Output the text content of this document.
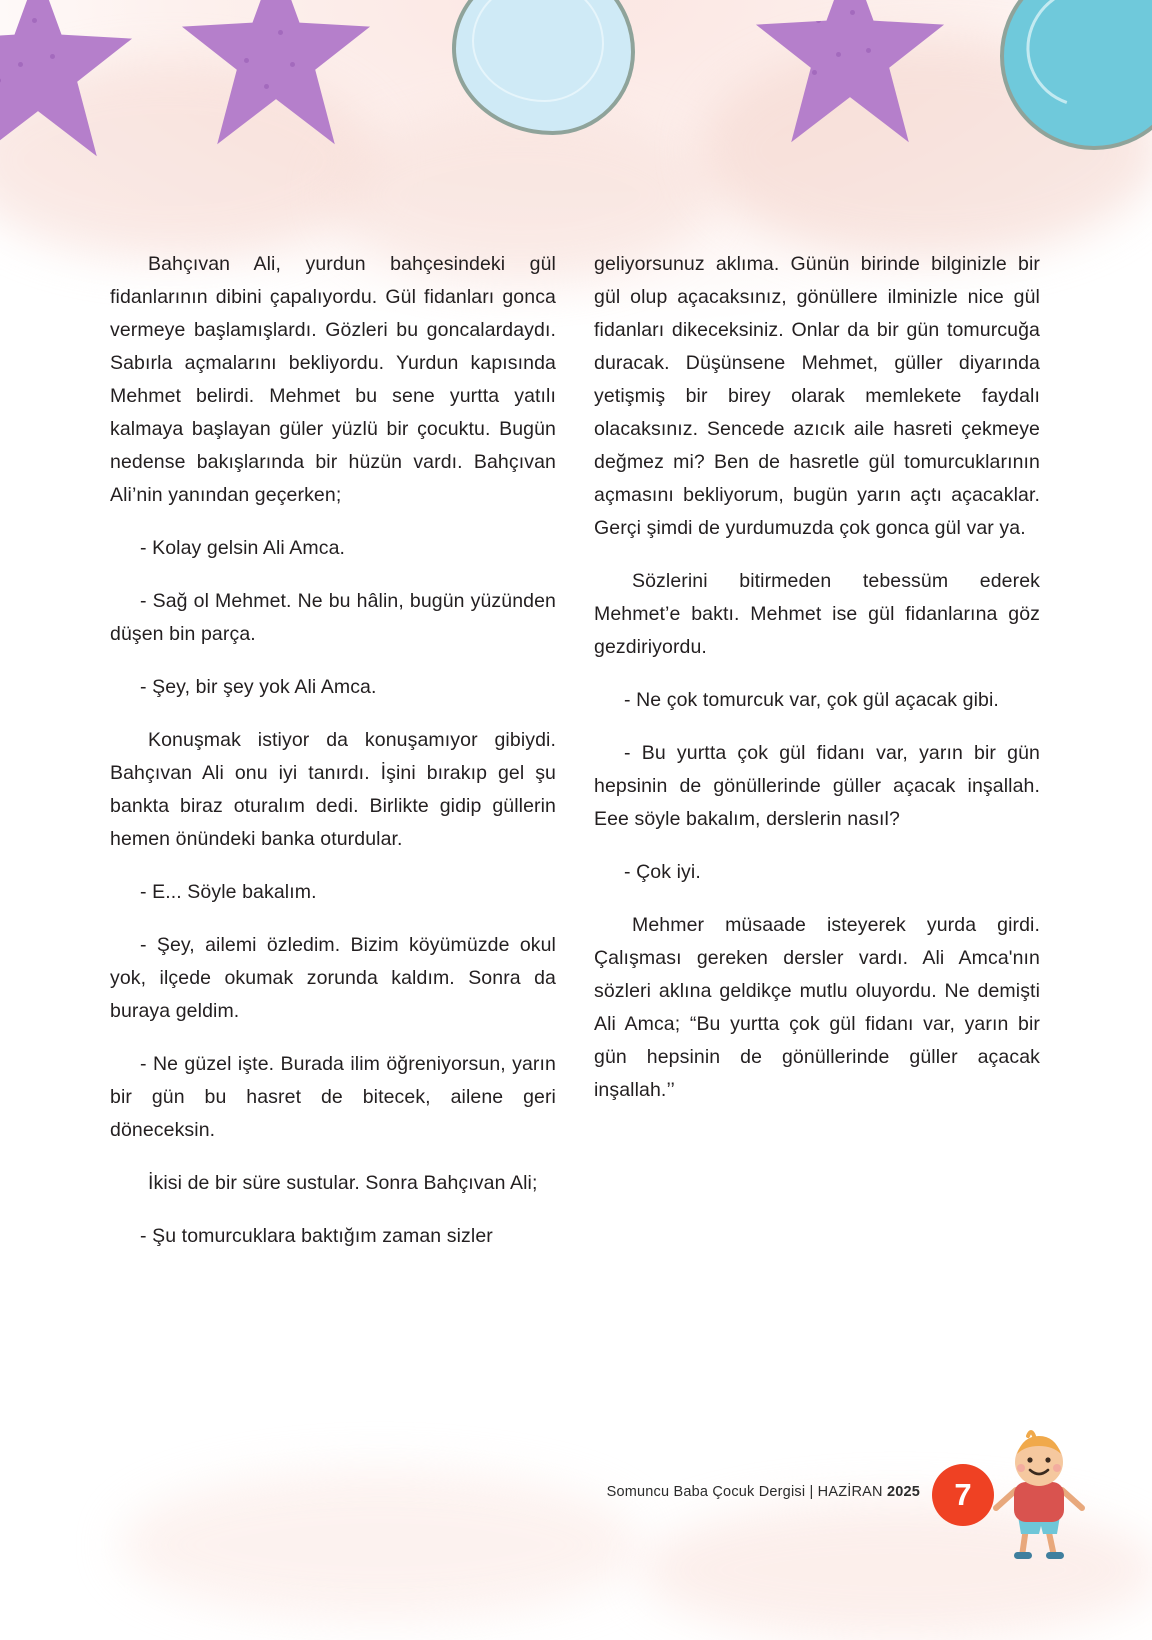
Bahçıvan Ali, yurdun bahçesindeki gül fidanlarının dibini çapalıyordu. Gül fidanları gonca vermeye başlamışlardı. Gözleri bu goncalardaydı. Sabırla açmalarını bekliyordu. Yurdun kapısında Mehmet belirdi. Mehmet bu sene yurtta yatılı kalmaya başlayan güler yüzlü bir çocuktu. Bugün nedense bakışlarında bir hüzün vardı. Bahçıvan Ali’nin yanından geçerken;

- Kolay gelsin Ali Amca.

- Sağ ol Mehmet. Ne bu hâlin, bugün yüzünden düşen bin parça.

- Şey, bir şey yok Ali Amca.

Konuşmak istiyor da konuşamıyor gibiydi. Bahçıvan Ali onu iyi tanırdı. İşini bırakıp gel şu bankta biraz oturalım dedi. Birlikte gidip güllerin hemen önündeki banka oturdular.

- E... Söyle bakalım.

- Şey, ailemi özledim. Bizim köyümüzde okul yok, ilçede okumak zorunda kaldım. Sonra da buraya geldim.

- Ne güzel işte. Burada ilim öğreniyorsun, yarın bir gün bu hasret de bitecek, ailene geri döneceksin.

İkisi de bir süre sustular. Sonra Bahçıvan Ali;

- Şu tomurcuklara baktığım zaman sizler

geliyorsunuz aklıma. Günün birinde bilginizle bir gül olup açacaksınız, gönüllere ilminizle nice gül fidanları dikeceksiniz. Onlar da bir gün tomurcuğa duracak. Düşünsene Mehmet, güller diyarında yetişmiş bir birey olarak memlekete faydalı olacaksınız. Sencede azıcık aile hasreti çekmeye değmez mi? Ben de hasretle gül tomurcuklarının açmasını bekliyorum, bugün yarın açtı açacaklar. Gerçi şimdi de yurdumuzda çok gonca gül var ya.

Sözlerini bitirmeden tebessüm ederek Mehmet’e baktı. Mehmet ise gül fidanlarına göz gezdiriyordu.

- Ne çok tomurcuk var, çok gül açacak gibi.

- Bu yurtta çok gül fidanı var, yarın bir gün hepsinin de gönüllerinde güller açacak inşallah. Eee söyle bakalım, derslerin nasıl?

- Çok iyi.

Mehmer müsaade isteyerek yurda girdi. Çalışması gereken dersler vardı. Ali Amca'nın sözleri aklına geldikçe mutlu oluyordu. Ne demişti Ali Amca; “Bu yurtta çok gül fidanı var, yarın bir gün hepsinin de gönüllerinde güller açacak inşallah.’’

Somuncu Baba Çocuk Dergisi | HAZİRAN 2025	7
